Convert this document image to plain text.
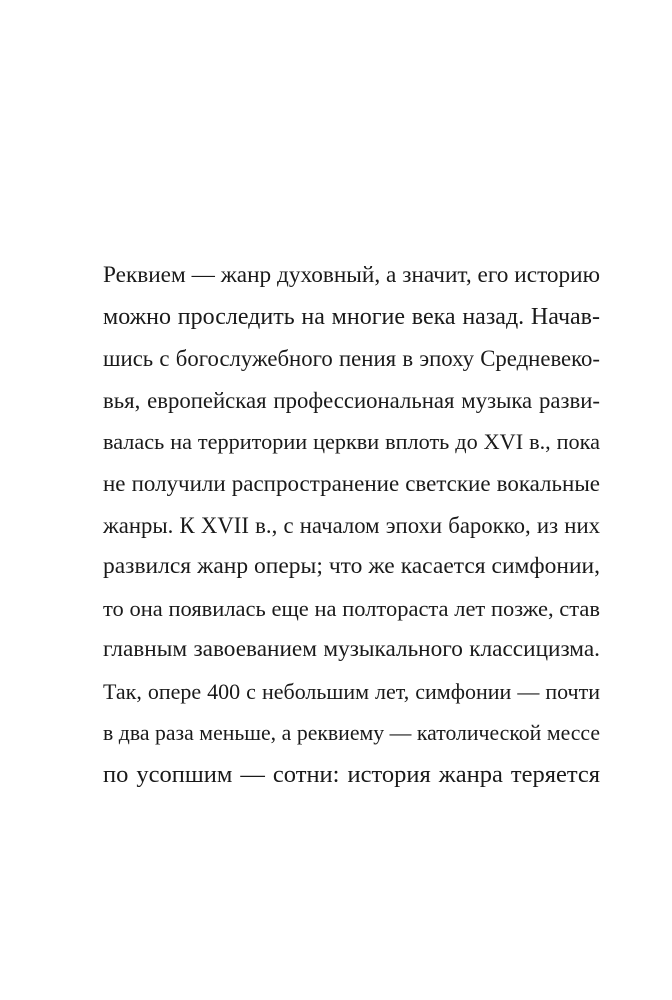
Реквием — жанр духовный, а значит, его историю
можно проследить на многие века назад. Начав-
шись с богослужебного пения в эпоху Средневеко-
вья, европейская профессиональная музыка разви-
валась на территории церкви вплоть до XVI в., пока
не получили распространение светские вокальные
жанры. К XVII в., с началом эпохи барокко, из них
развился жанр оперы; что же касается симфонии,
то она появилась еще на полтораста лет позже, став
главным завоеванием музыкального классицизма.
Так, опере 400 с небольшим лет, симфонии — почти
в два раза меньше, а реквиему — католической мессе
по усопшим — сотни: история жанра теряется
